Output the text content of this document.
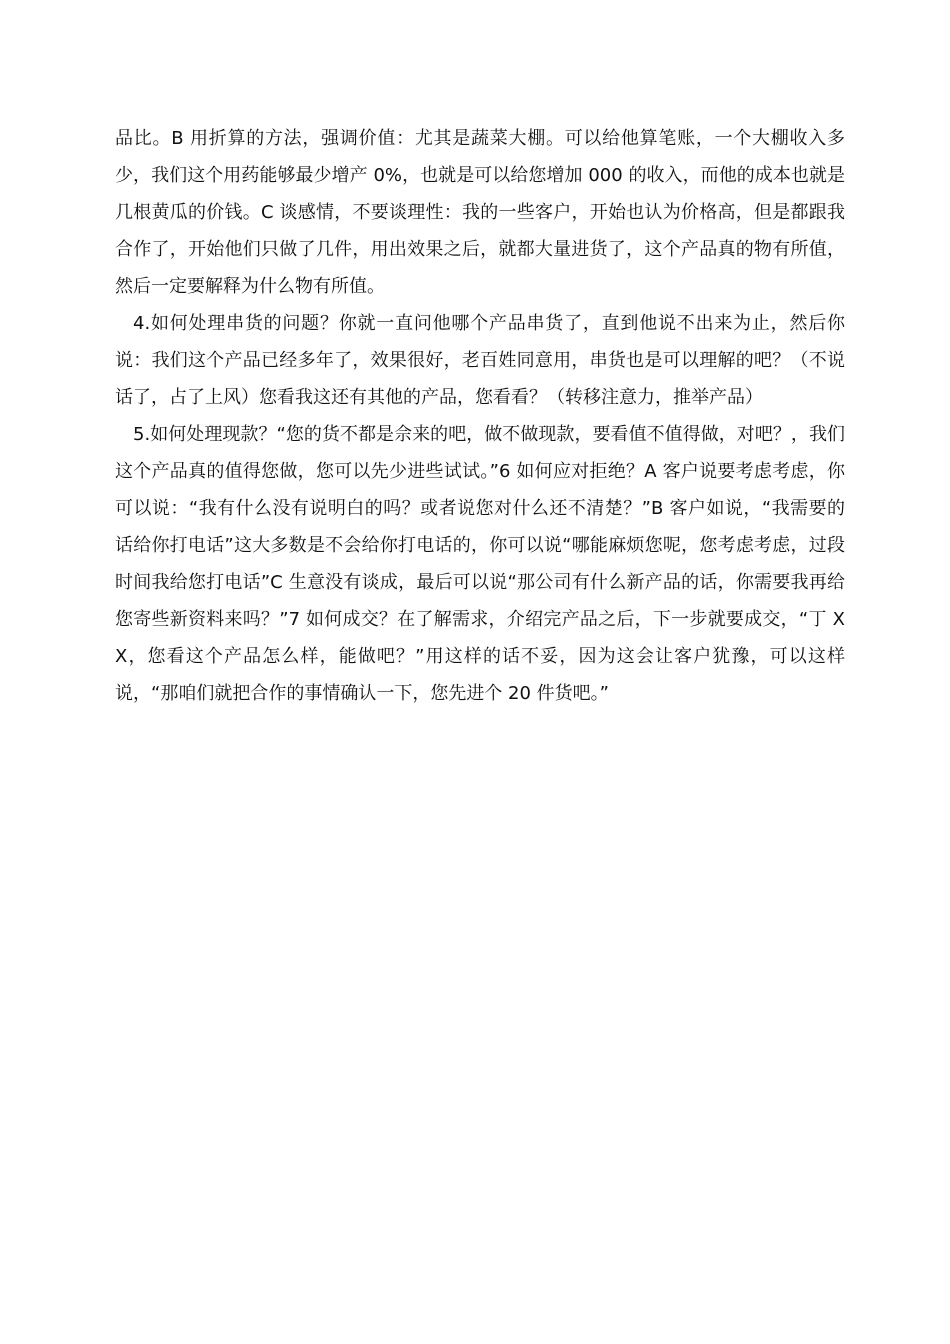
品比。B 用折算的方法，强调价值：尤其是蔬菜大棚。可以给他算笔账，一个大棚收入多少，我们这个用药能够最少增产 0%，也就是可以给您增加 000 的收入，而他的成本也就是几根黄瓜的价钱。C 谈感情，不要谈理性：我的一些客户，开始也认为价格高，但是都跟我合作了，开始他们只做了几件，用出效果之后，就都大量进货了，这个产品真的物有所值，然后一定要解释为什么物有所值。

4.如何处理串货的问题？你就一直问他哪个产品串货了，直到他说不出来为止，然后你说：我们这个产品已经多年了，效果很好，老百姓同意用，串货也是可以理解的吧？（不说话了，占了上风）您看我这还有其他的产品，您看看？（转移注意力，推举产品）

5.如何处理现款？“您的货不都是佘来的吧，做不做现款，要看值不值得做，对吧？，我们这个产品真的值得您做，您可以先少进些试试。”6 如何应对拒绝？A 客户说要考虑考虑，你可以说：“我有什么没有说明白的吗？或者说您对什么还不清楚？”B 客户如说，“我需要的话给你打电话”这大多数是不会给你打电话的，你可以说“哪能麻烦您呢，您考虑考虑，过段时间我给您打电话”C 生意没有谈成，最后可以说“那公司有什么新产品的话，你需要我再给您寄些新资料来吗？”7 如何成交？在了解需求，介绍完产品之后，下一步就要成交，“丁 XX，您看这个产品怎么样，能做吧？”用这样的话不妥，因为这会让客户犹豫，可以这样说，“那咱们就把合作的事情确认一下，您先进个 20 件货吧。”
